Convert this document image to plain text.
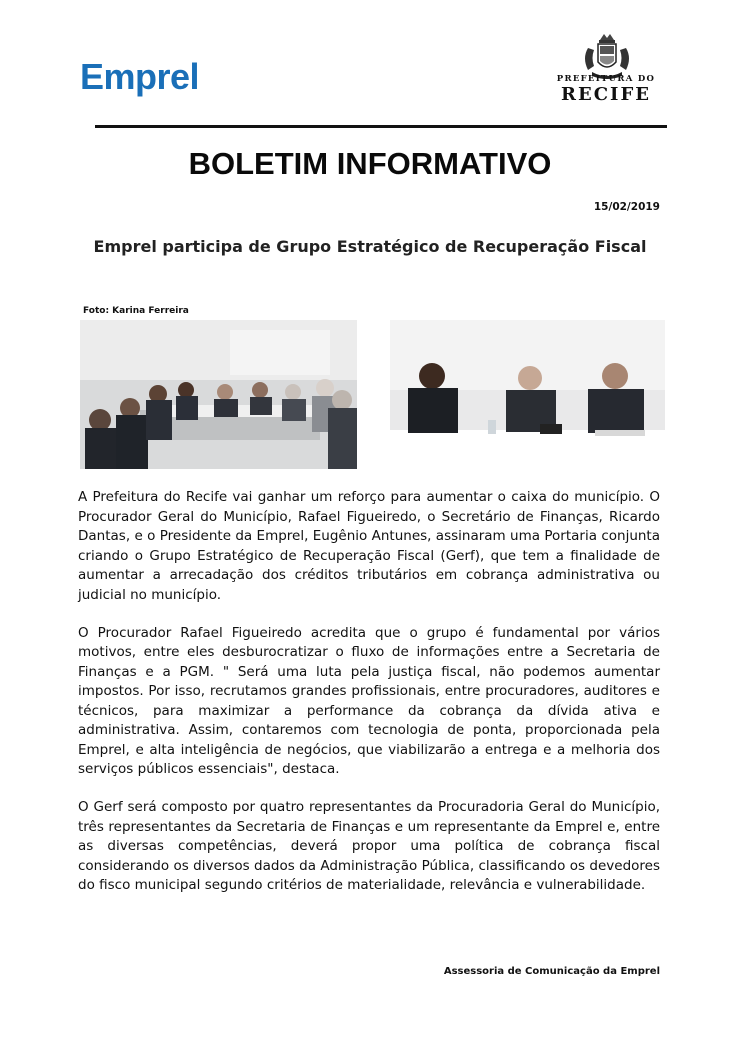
Emprel	PREFEITURA DO
RECIFE
BOLETIM INFORMATIVO
15/02/2019
Emprel participa de Grupo Estratégico de Recuperação Fiscal
Foto: Karina Ferreira

A Prefeitura do Recife vai ganhar um reforço para aumentar o caixa do município. O Procurador Geral do Município, Rafael Figueiredo, o Secretário de Finanças, Ricardo Dantas, e o Presidente da Emprel, Eugênio Antunes, assinaram uma Portaria conjunta criando o Grupo Estratégico de Recuperação Fiscal (Gerf), que tem a finalidade de aumentar a arrecadação dos créditos tributários em cobrança administrativa ou judicial no município.

O Procurador Rafael Figueiredo acredita que o grupo é fundamental por vários motivos, entre eles desburocratizar o fluxo de informações entre a Secretaria de Finanças e a PGM. " Será uma luta pela justiça fiscal, não podemos aumentar impostos. Por isso, recrutamos grandes profissionais, entre procuradores, auditores e técnicos, para maximizar a performance da cobrança da dívida ativa e administrativa. Assim, contaremos com tecnologia de ponta, proporcionada pela Emprel, e alta inteligência de negócios, que viabilizarão a entrega e a melhoria dos serviços públicos essenciais", destaca.

O Gerf será composto por quatro representantes da Procuradoria Geral do Município, três representantes da Secretaria de Finanças e um representante da Emprel e, entre as diversas competências, deverá propor uma política de cobrança fiscal considerando os diversos dados da Administração Pública, classificando os devedores do fisco municipal segundo critérios de materialidade, relevância e vulnerabilidade.

Assessoria de Comunicação da Emprel
